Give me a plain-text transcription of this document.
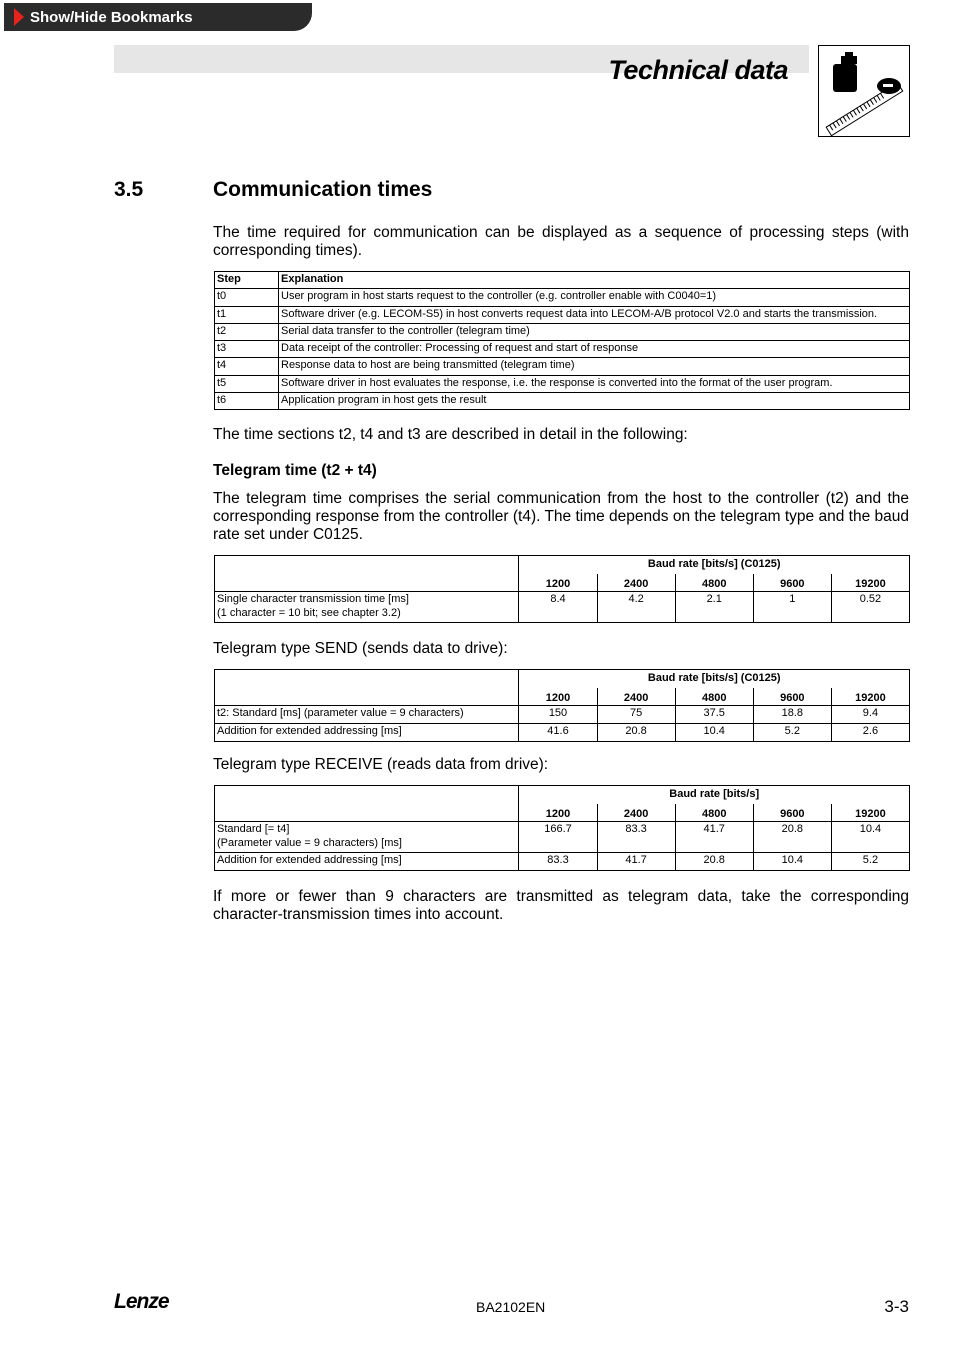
Show/Hide Bookmarks
Technical data
3.5	Communication times

The time required for communication can be displayed as a sequence of processing steps (with corresponding times).

Step	Explanation
t0	User program in host starts request to the controller (e.g. controller enable with C0040=1)
t1	Software driver (e.g. LECOM-S5) in host converts request data into LECOM-A/B protocol V2.0 and starts the transmission.
t2	Serial data transfer to the controller (telegram time)
t3	Data receipt of the controller: Processing of request and start of response
t4	Response data to host are being transmitted (telegram time)
t5	Software driver in host evaluates the response, i.e. the response is converted into the format of the user program.
t6	Application program in host gets the result

The time sections t2, t4 and t3 are described in detail in the following:

Telegram time (t2 + t4)

The telegram time comprises the serial communication from the host to the controller (t2) and the corresponding response from the controller (t4). The time depends on the telegram type and the baud rate set under C0125.

	Baud rate [bits/s] (C0125)				
	1200	2400	4800	9600	19200
Single character transmission time [ms]
(1 character = 10 bit; see chapter 3.2)	8.4	4.2	2.1	1	0.52

Telegram type SEND (sends data to drive):

	Baud rate [bits/s] (C0125)				
	1200	2400	4800	9600	19200
t2: Standard [ms] (parameter value = 9 characters)	150	75	37.5	18.8	9.4
Addition for extended addressing [ms]	41.6	20.8	10.4	5.2	2.6

Telegram type RECEIVE (reads data from drive):

	Baud rate [bits/s]				
	1200	2400	4800	9600	19200
Standard [= t4]
(Parameter value = 9 characters) [ms]	166.7	83.3	41.7	20.8	10.4
Addition for extended addressing [ms]	83.3	41.7	20.8	10.4	5.2

If more or fewer than 9 characters are transmitted as telegram data, take the corresponding character-transmission times into account.

Lenze	BA2102EN	3-3
